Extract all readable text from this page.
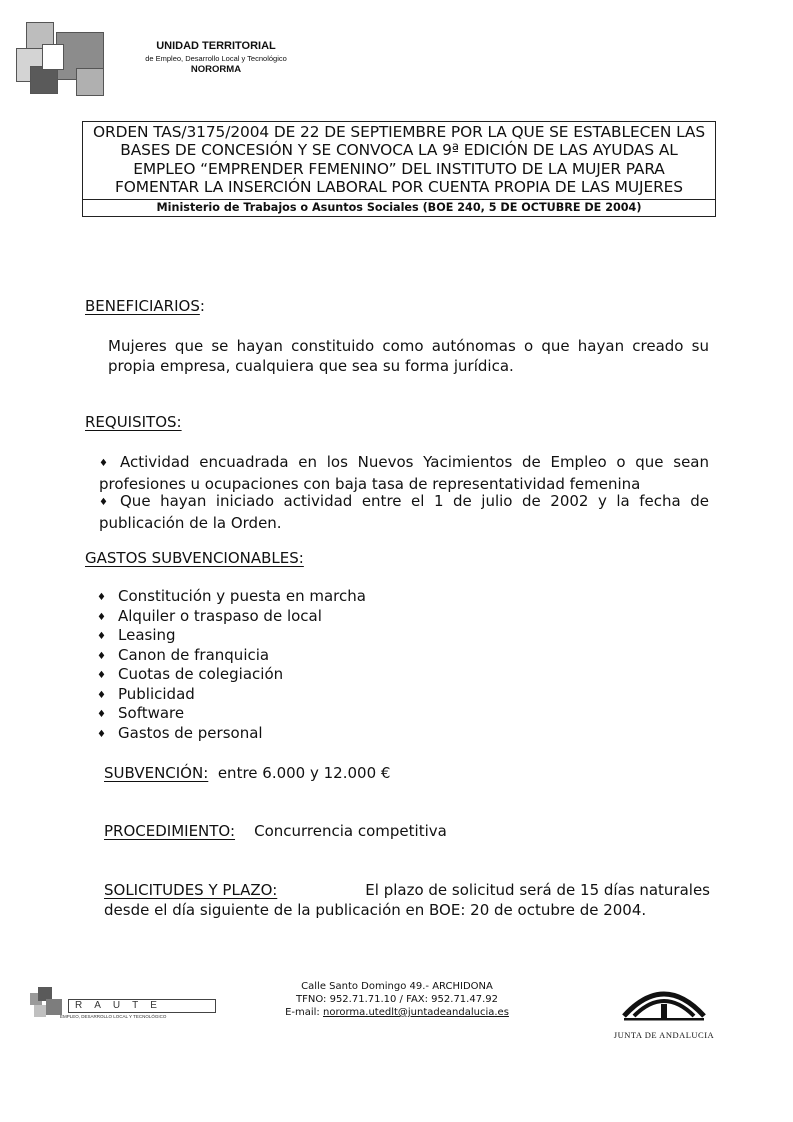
UNIDAD TERRITORIAL
de Empleo, Desarrollo Local y Tecnológico
NORORMA
ORDEN TAS/3175/2004 DE 22 DE SEPTIEMBRE POR LA QUE SE ESTABLECEN LAS BASES DE CONCESIÓN Y SE CONVOCA LA 9ª EDICIÓN DE LAS AYUDAS AL EMPLEO “EMPRENDER FEMENINO” DEL INSTITUTO DE LA MUJER PARA FOMENTAR LA INSERCIÓN LABORAL POR CUENTA PROPIA DE LAS MUJERES
Ministerio de Trabajos o Asuntos Sociales (BOE 240, 5 DE OCTUBRE DE 2004)
BENEFICIARIOS:
Mujeres que se hayan constituido como autónomas o que hayan creado su propia empresa, cualquiera que sea su forma jurídica.
REQUISITOS:
♦ Actividad encuadrada en los Nuevos Yacimientos de Empleo o que sean profesiones u ocupaciones con baja tasa de representatividad femenina
♦ Que hayan iniciado actividad entre el 1 de julio de 2002 y la fecha de publicación de la Orden.
GASTOS SUBVENCIONABLES:
♦ Constitución y puesta en marcha
♦ Alquiler o traspaso de local
♦ Leasing
♦ Canon de franquicia
♦ Cuotas de colegiación
♦ Publicidad
♦ Software
♦ Gastos de personal
SUBVENCIÓN: entre 6.000 y 12.000 €
PROCEDIMIENTO: Concurrencia competitiva
SOLICITUDES Y PLAZO:	El plazo de solicitud será de 15 días naturales
desde el día siguiente de la publicación en BOE: 20 de octubre de 2004.
RAUTE
EMPLEO, DESARROLLO LOCAL Y TECNOLÓGICO
Calle Santo Domingo 49.- ARCHIDONA
TFNO: 952.71.71.10 / FAX: 952.71.47.92
E-mail: nororma.utedlt@juntadeandalucia.es
JUNTA DE ANDALUCIA
